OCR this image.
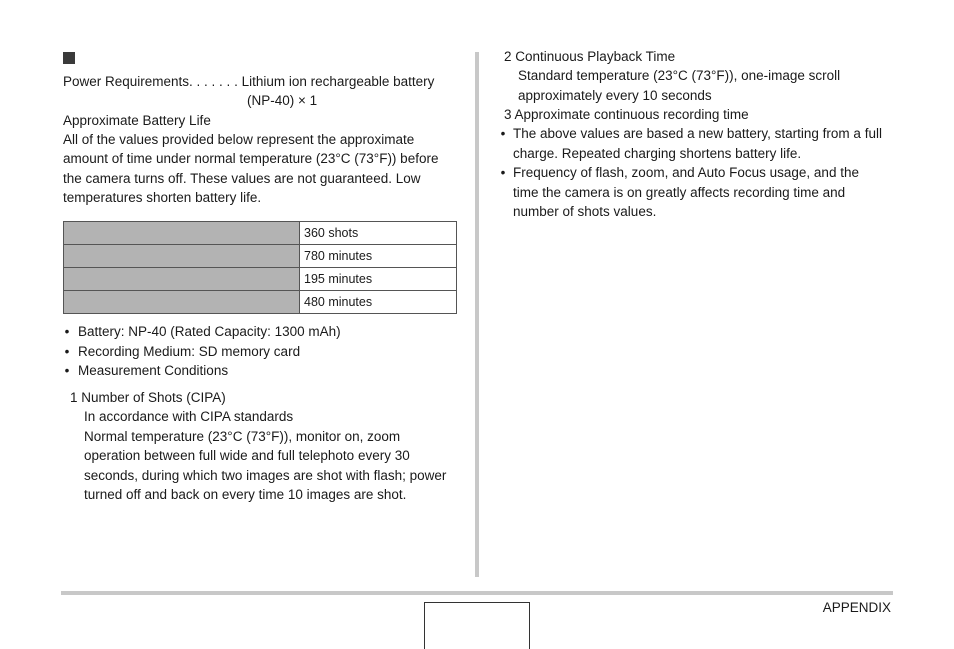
Power Requirements. . . . . . . Lithium ion rechargeable battery
(NP-40) × 1
Approximate Battery Life
All of the values provided below represent the approximate
amount of time under normal temperature (23°C (73°F)) before
the camera turns off. These values are not guaranteed. Low
temperatures shorten battery life.
	360 shots
	780 minutes
	195 minutes
	480 minutes
• Battery: NP-40 (Rated Capacity: 1300 mAh)
• Recording Medium: SD memory card
• Measurement Conditions
1 Number of Shots (CIPA)
In accordance with CIPA standards
Normal temperature (23°C (73°F)), monitor on, zoom
operation between full wide and full telephoto every 30
seconds, during which two images are shot with flash; power
turned off and back on every time 10 images are shot.
2 Continuous Playback Time
Standard temperature (23°C (73°F)), one-image scroll
approximately every 10 seconds
3 Approximate continuous recording time
• The above values are based a new battery, starting from a full
charge. Repeated charging shortens battery life.
• Frequency of flash, zoom, and Auto Focus usage, and the
time the camera is on greatly affects recording time and
number of shots values.
APPENDIX
